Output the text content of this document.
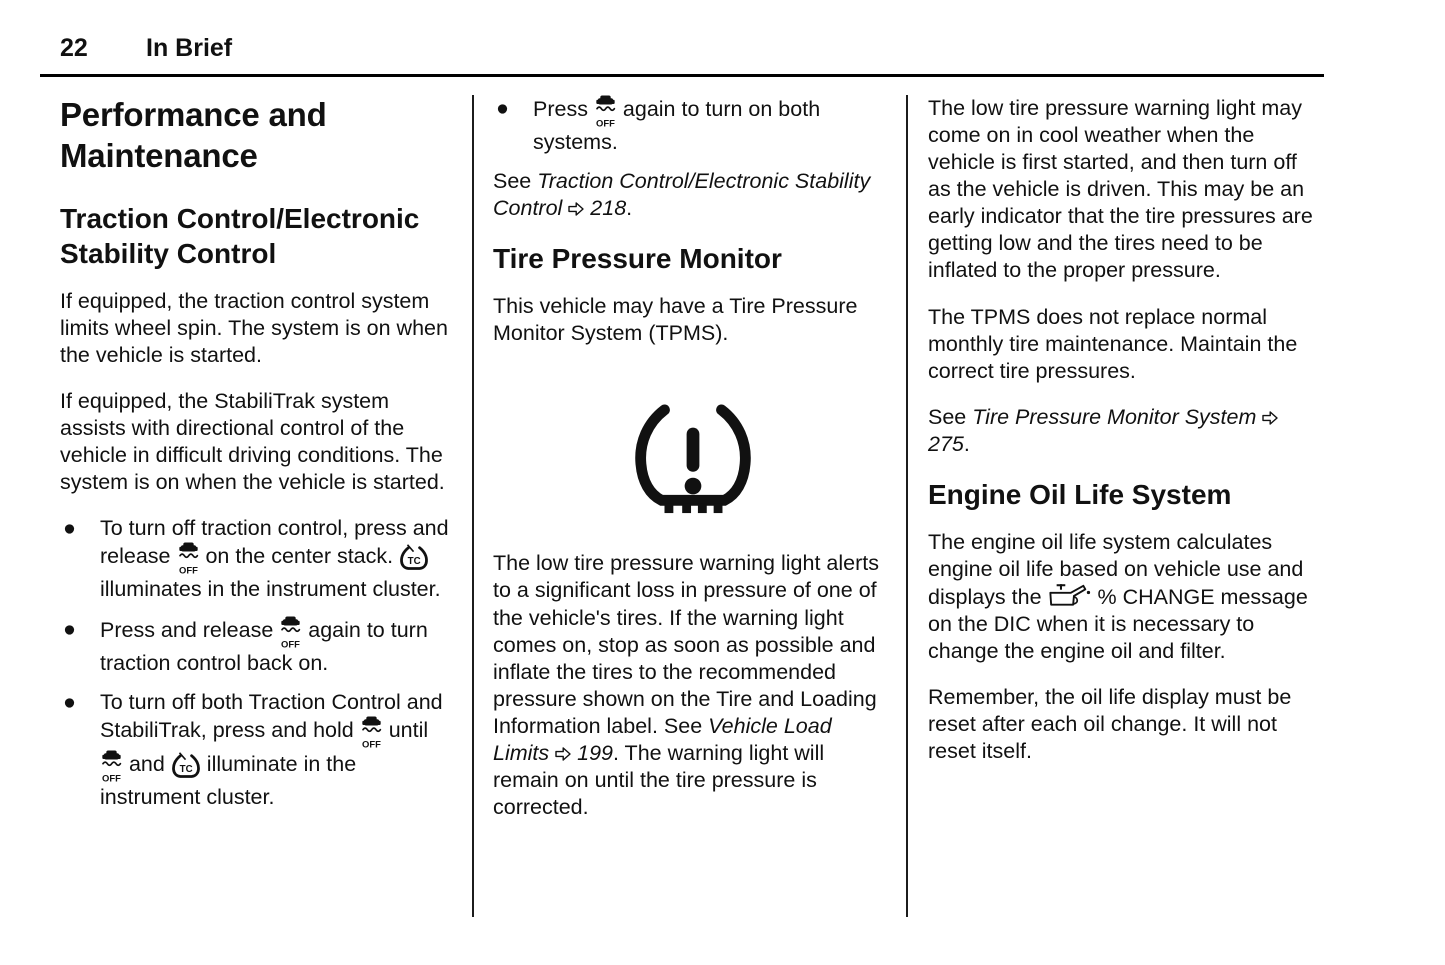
22	In Brief
Performance and Maintenance
Traction Control/Electronic Stability Control

If equipped, the traction control system limits wheel spin. The system is on when the vehicle is started.

If equipped, the StabiliTrak system assists with directional control of the vehicle in difficult driving conditions. The system is on when the vehicle is started.

●	To turn off traction control, press and release
OFF
on the center stack. TC
illuminates in the instrument cluster.
●	Press and release
OFF
again to turn traction control back on.
●	To turn off both Traction Control and StabiliTrak, press and hold
OFF
until
OFF
and TC illuminate in the instrument cluster.
●	Press
OFF
again to turn on both systems.

See Traction Control/Electronic Stability Control 218.

Tire Pressure Monitor

This vehicle may have a Tire Pressure Monitor System (TPMS).

The low tire pressure warning light alerts to a significant loss in pressure of one of the vehicle's tires. If the warning light comes on, stop as soon as possible and inflate the tires to the recommended pressure shown on the Tire and Loading Information label. See Vehicle Load Limits 199. The warning light will remain on until the tire pressure is corrected.

The low tire pressure warning light may come on in cool weather when the vehicle is first started, and then turn off as the vehicle is driven. This may be an early indicator that the tire pressures are getting low and the tires need to be inflated to the proper pressure.

The TPMS does not replace normal monthly tire maintenance. Maintain the correct tire pressures.

See Tire Pressure Monitor System  275.

Engine Oil Life System

The engine oil life system calculates engine oil life based on vehicle use and displays the  % CHANGE message on the DIC when it is necessary to change the engine oil and filter.

Remember, the oil life display must be reset after each oil change. It will not reset itself.
